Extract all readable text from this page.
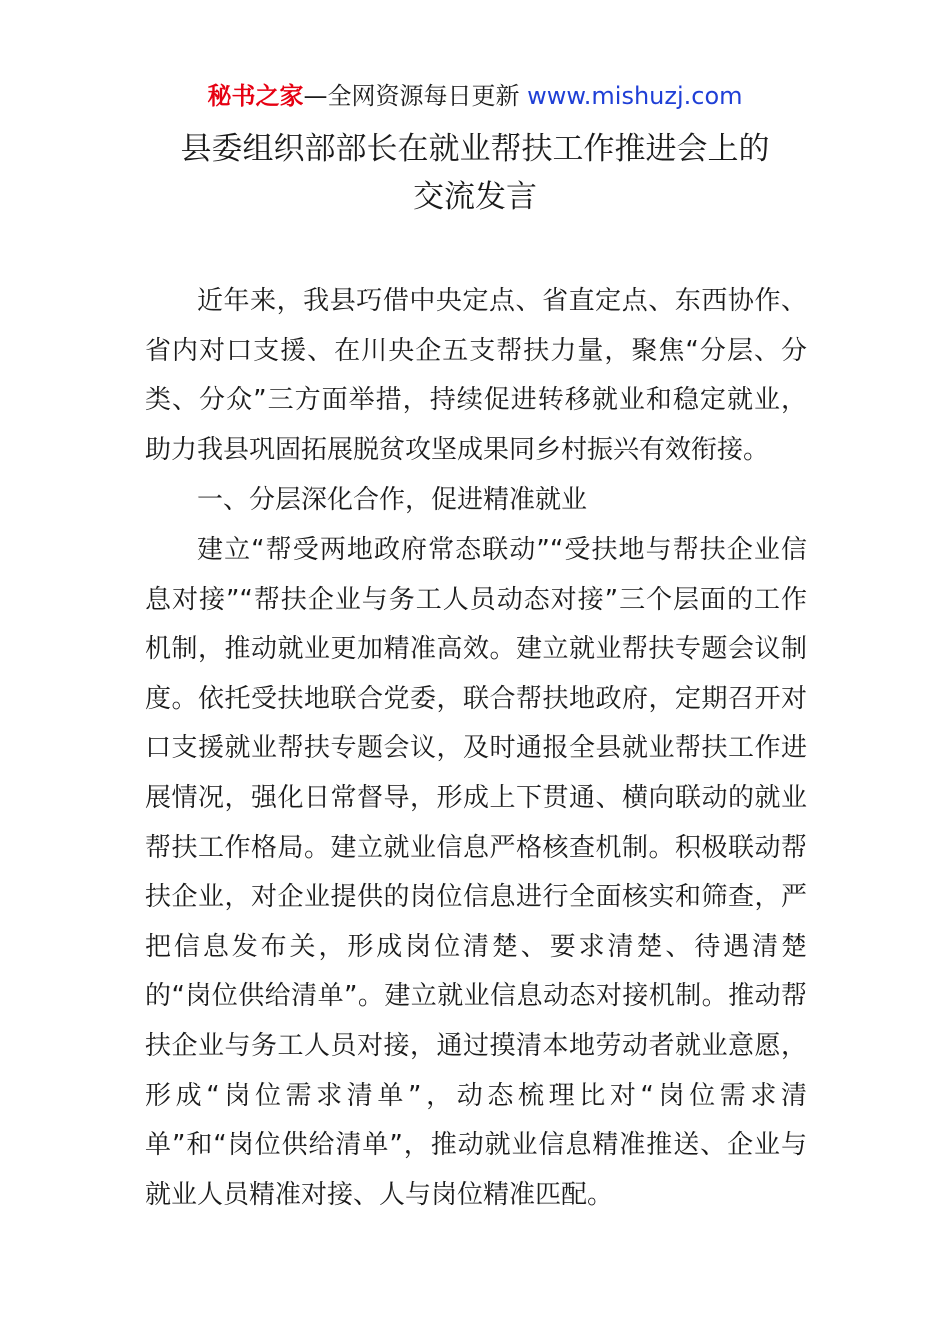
秘书之家—全网资源每日更新 www.mishuzj.com
县委组织部部长在就业帮扶工作推进会上的
交流发言

近年来，我县巧借中央定点、省直定点、东西协作、省内对口支援、在川央企五支帮扶力量，聚焦“分层、分类、分众”三方面举措，持续促进转移就业和稳定就业，助力我县巩固拓展脱贫攻坚成果同乡村振兴有效衔接。

一、分层深化合作，促进精准就业

建立“帮受两地政府常态联动”“受扶地与帮扶企业信息对接”“帮扶企业与务工人员动态对接”三个层面的工作机制，推动就业更加精准高效。建立就业帮扶专题会议制度。依托受扶地联合党委，联合帮扶地政府，定期召开对口支援就业帮扶专题会议，及时通报全县就业帮扶工作进展情况，强化日常督导，形成上下贯通、横向联动的就业帮扶工作格局。建立就业信息严格核查机制。积极联动帮扶企业，对企业提供的岗位信息进行全面核实和筛查，严把信息发布关，形成岗位清楚、要求清楚、待遇清楚的“岗位供给清单”。建立就业信息动态对接机制。推动帮扶企业与务工人员对接，通过摸清本地劳动者就业意愿，形成“岗位需求清单”，动态梳理比对“岗位需求清单”和“岗位供给清单”，推动就业信息精准推送、企业与就业人员精准对接、人与岗位精准匹配。
